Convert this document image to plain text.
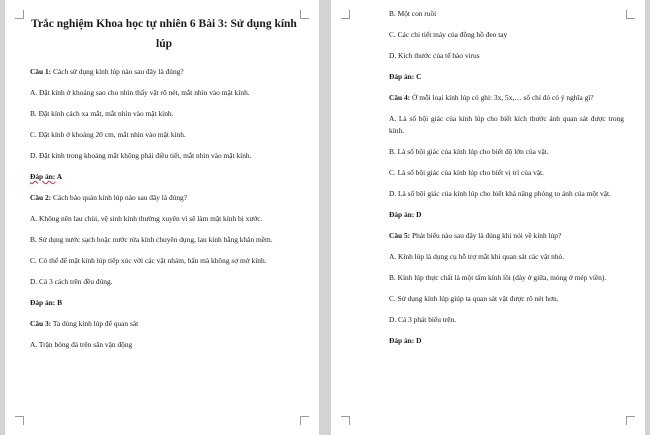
Trắc nghiệm Khoa học tự nhiên 6 Bài 3: Sử dụng kính lúp
Câu 1: Cách sử dụng kính lúp nào sau đây là đúng?
A. Đặt kính ở khoảng sao cho nhìn thấy vật rõ nét, mắt nhìn vào mặt kính.
B. Đặt kính cách xa mắt, mắt nhìn vào mặt kính.
C. Đặt kính ở khoảng 20 cm, mắt nhìn vào mặt kính.
D. Đặt kính trong khoảng mắt không phải điều tiết, mắt nhìn vào mặt kính.
Đáp án: A
Câu 2: Cách bảo quản kính lúp nào sau đây là đúng?
A. Không nên lau chùi, vệ sinh kính thường xuyên vì sẽ làm mặt kính bị xước.
B. Sử dụng nước sạch hoặc nước rửa kính chuyên dụng, lau kính bằng khăn mềm.
C. Có thể để mặt kính lúp tiếp xúc với các vật nhám, bẩn mà không sợ mờ kính.
D. Cả 3 cách trên đều đúng.
Đáp án: B
Câu 3: Ta dùng kính lúp để quan sát
A. Trận bóng đá trên sân vận động
B. Một con ruồi
C. Các chi tiết máy của đồng hồ đeo tay
D. Kích thước của tế bào virus
Đáp án: C
Câu 4: Ở mỗi loại kính lúp có ghi: 3x, 5x,… số chỉ đó có ý nghĩa gì?
A. Là số bội giác của kính lúp cho biết kích thước ảnh quan sát được trong kính.
B. Là số bội giác của kính lúp cho biết độ lớn của vật.
C. Là số bội giác của kính lúp cho biết vị trí của vật.
D. Là số bội giác của kính lúp cho biết khả năng phóng to ảnh của một vật.
Đáp án: D
Câu 5: Phát biểu nào sau đây là đúng khi nói về kính lúp?
A. Kính lúp là dụng cụ hỗ trợ mắt khi quan sát các vật nhỏ.
B. Kính lúp thực chất là một tấm kính lồi (dày ở giữa, mỏng ở mép viền).
C. Sử dụng kính lúp giúp ta quan sát vật được rõ nét hơn.
D. Cả 3 phát biểu trên.
Đáp án: D
